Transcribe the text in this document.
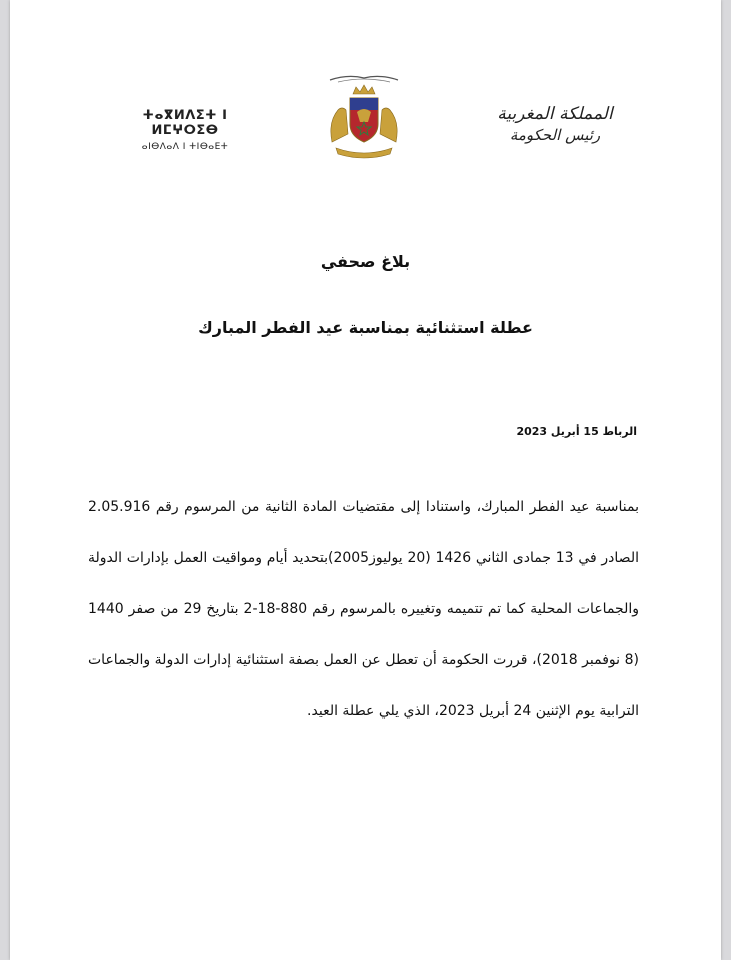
ⵜⴰⴳⵍⴷⵉⵜ ⵏ ⵍⵎⵖⵔⵉⴱ
ⴰⵏⴱⴷⴰⴷ ⵏ ⵜⵏⴱⴰⴹⵜ
المملكة المغربية
رئيس الحكومة
بلاغ صحفي
عطلة استثنائية بمناسبة عيد الفطر المبارك
الرباط 15 أبريل 2023
بمناسبة عيد الفطر المبارك، واستنادا إلى مقتضيات المادة الثانية من المرسوم رقم 2.05.916 الصادر في 13 جمادى الثاني 1426 (20 يوليوز2005)بتحديد أيام ومواقيت العمل بإدارات الدولة والجماعات المحلية كما تم تتميمه وتغييره بالمرسوم رقم 880-18-2 بتاريخ 29 من صفر 1440 (8 نوفمبر 2018)، قررت الحكومة أن تعطل عن العمل بصفة استثنائية إدارات الدولة والجماعات الترابية يوم الإثنين 24 أبريل 2023، الذي يلي عطلة العيد.
